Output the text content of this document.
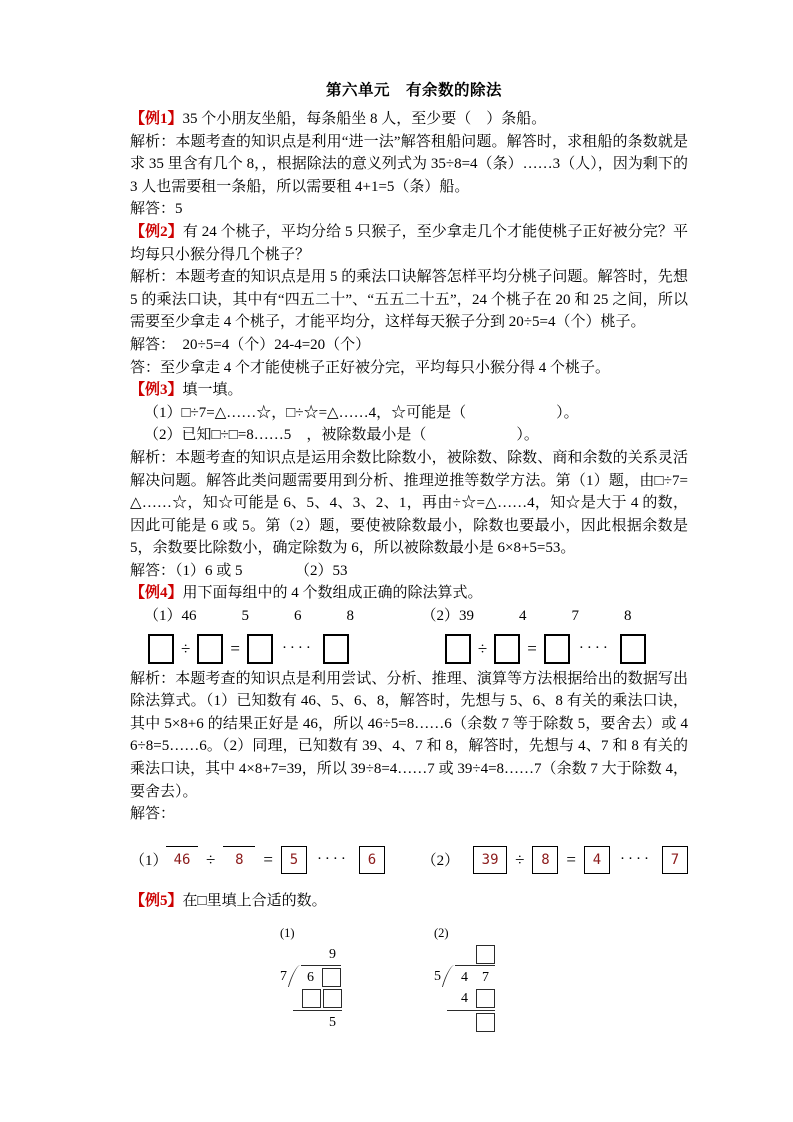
第六单元　有余数的除法

【例1】35 个小朋友坐船，每条船坐 8 人，至少要（　）条船。

解析：本题考查的知识点是利用“进一法”解答租船问题。解答时，求租船的条数就是求 35 里含有几个 8，，根据除法的意义列式为 35÷8=4（条）……3（人），因为剩下的 3 人也需要租一条船，所以需要租 4+1=5（条）船。

解答：5

【例2】有 24 个桃子，平均分给 5 只猴子，至少拿走几个才能使桃子正好被分完？平均每只小猴分得几个桃子？

解析：本题考查的知识点是用 5 的乘法口诀解答怎样平均分桃子问题。解答时，先想 5 的乘法口诀，其中有“四五二十”、“五五二十五”，24 个桃子在 20 和 25 之间，所以需要至少拿走 4 个桃子，才能平均分，这样每天猴子分到 20÷5=4（个）桃子。

解答：　20÷5=4（个）24-4=20（个）

答：至少拿走 4 个才能使桃子正好被分完，平均每只小猴分得 4 个桃子。

【例3】填一填。

（1）□÷7=△……☆，□÷☆=△……4，☆可能是（　　　　　　）。

（2）已知□÷□=8……5　，被除数最小是（　　　　　　）。

解析：本题考查的知识点是运用余数比除数小，被除数、除数、商和余数的关系灵活解决问题。解答此类问题需要用到分析、推理逆推等数学方法。第（1）题，由□÷7=△……☆，知☆可能是 6、5、4、3、2、1，再由÷☆=△……4，知☆是大于 4 的数，因此可能是 6 或 5。第（2）题，要使被除数最小，除数也要最小，因此根据余数是 5，余数要比除数小，确定除数为 6，所以被除数最小是 6×8+5=53。

解答：（1）6 或 5　　　　（2）53

【例4】用下面每组中的 4 个数组成正确的除法算式。

（1）46　　　5　　　6　　　8　　　　　（2）39　　　4　　　7　　　8

÷ =	····	÷ =	····

解析：本题考查的知识点是利用尝试、分析、推理、演算等方法根据给出的数据写出除法算式。（1）已知数有 46、5、6、8，解答时，先想与 5、6、8 有关的乘法口诀，其中 5×8+6 的结果正好是 46，所以 46÷5=8……6（余数 7 等于除数 5，要舍去）或 46÷8=5……6。（2）同理，已知数有 39、4、7 和 8，解答时，先想与 4、7 和 8 有关的乘法口诀，其中 4×8+7=39，所以 39÷8=4……7 或 39÷4=8……7（余数 7 大于除数 4，要舍去）。

解答：

（1） 46 ÷	8	=	5	····	6	（2）	39 ÷	8 =	4	····	7

【例5】在□里填上合适的数。

(1)
9
7	6
5
(2)
5	4	7
4
